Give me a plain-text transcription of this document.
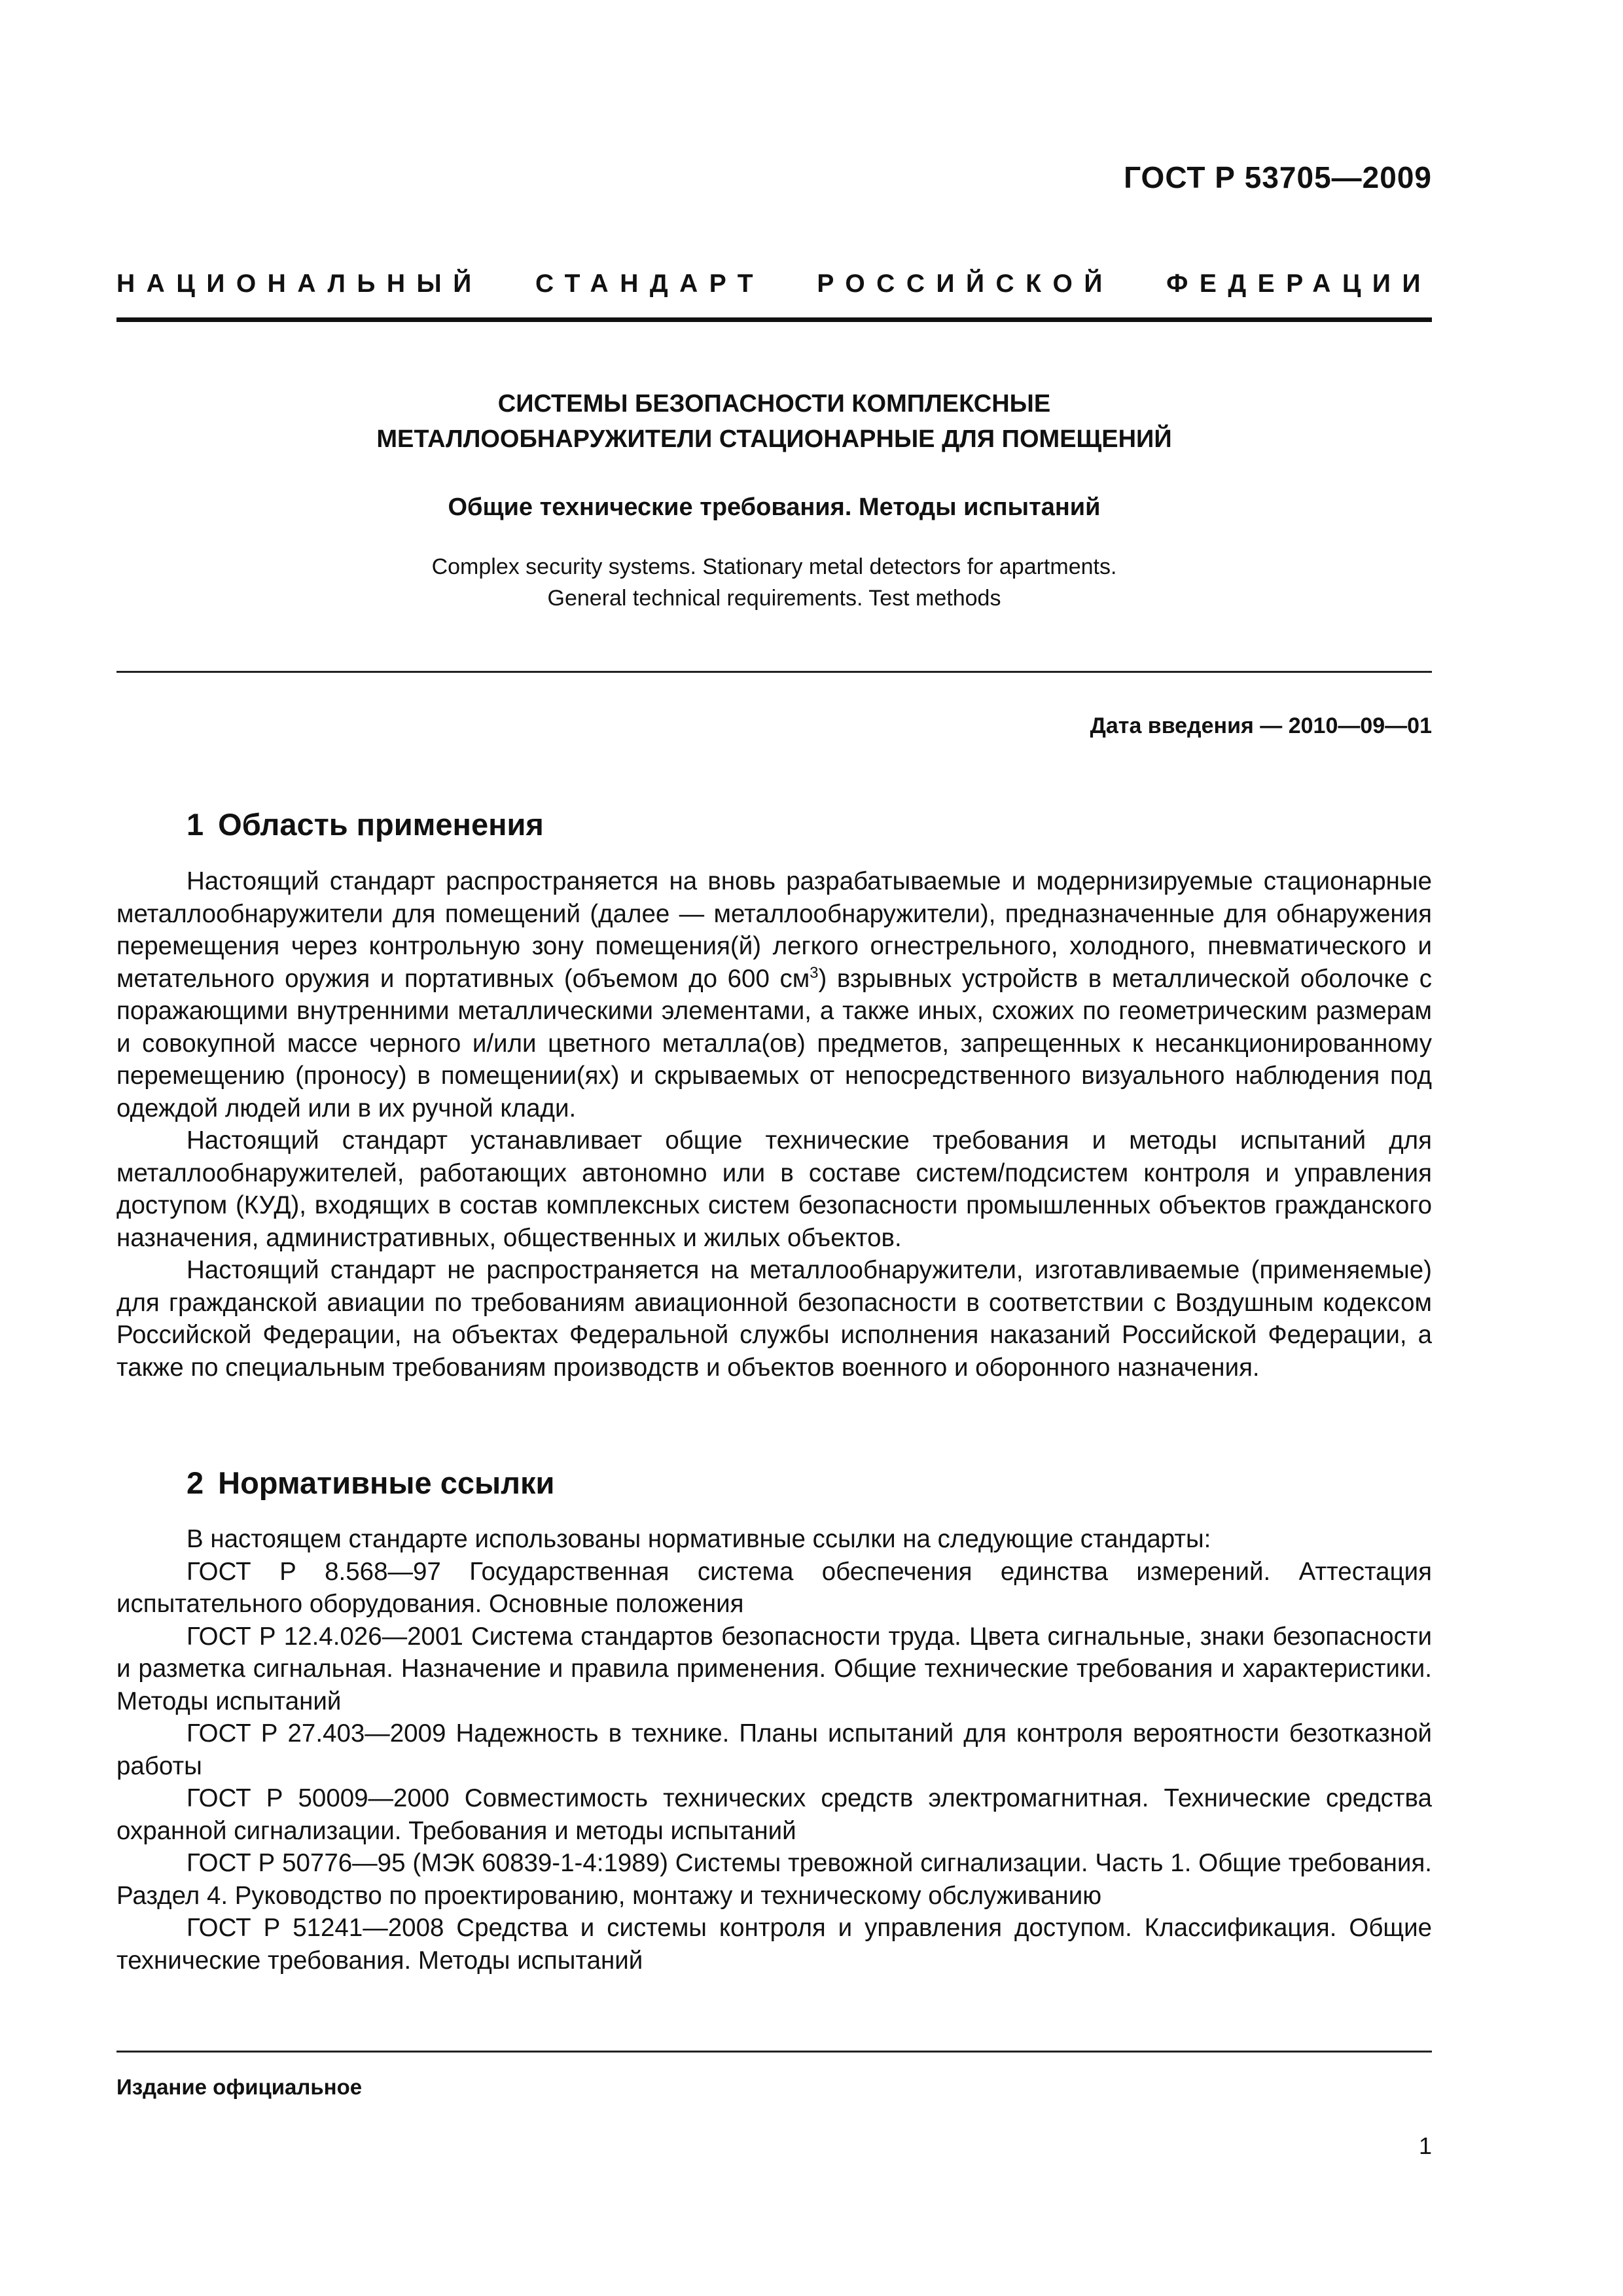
ГОСТ Р 53705—2009
НАЦИОНАЛЬНЫЙ СТАНДАРТ РОССИЙСКОЙ ФЕДЕРАЦИИ
СИСТЕМЫ БЕЗОПАСНОСТИ КОМПЛЕКСНЫЕ
МЕТАЛЛООБНАРУЖИТЕЛИ СТАЦИОНАРНЫЕ ДЛЯ ПОМЕЩЕНИЙ
Общие технические требования. Методы испытаний
Complex security systems. Stationary metal detectors for apartments.
General technical requirements. Test methods
Дата введения — 2010—09—01
1 Область применения

Настоящий стандарт распространяется на вновь разрабатываемые и модернизируемые стационарные металлообнаружители для помещений (далее — металлообнаружители), предназначенные для обнаружения перемещения через контрольную зону помещения(й) легкого огнестрельного, холодного, пневматического и метательного оружия и портативных (объемом до 600 $см^3$) взрывных устройств в металлической оболочке с поражающими внутренними металлическими элементами, а также иных, схожих по геометрическим размерам и совокупной массе черного и/или цветного металла(ов) предметов, запрещенных к несанкционированному перемещению (проносу) в помещении(ях) и скрываемых от непосредственного визуального наблюдения под одеждой людей или в их ручной клади.

Настоящий стандарт устанавливает общие технические требования и методы испытаний для металлообнаружителей, работающих автономно или в составе систем/подсистем контроля и управления доступом (КУД), входящих в состав комплексных систем безопасности промышленных объектов гражданского назначения, административных, общественных и жилых объектов.

Настоящий стандарт не распространяется на металлообнаружители, изготавливаемые (применяемые) для гражданской авиации по требованиям авиационной безопасности в соответствии с Воздушным кодексом Российской Федерации, на объектах Федеральной службы исполнения наказаний Российской Федерации, а также по специальным требованиям производств и объектов военного и оборонного назначения.

2 Нормативные ссылки

В настоящем стандарте использованы нормативные ссылки на следующие стандарты:

ГОСТ Р 8.568—97 Государственная система обеспечения единства измерений. Аттестация испытательного оборудования. Основные положения

ГОСТ Р 12.4.026—2001 Система стандартов безопасности труда. Цвета сигнальные, знаки безопасности и разметка сигнальная. Назначение и правила применения. Общие технические требования и характеристики. Методы испытаний

ГОСТ Р 27.403—2009 Надежность в технике. Планы испытаний для контроля вероятности безотказной работы

ГОСТ Р 50009—2000 Совместимость технических средств электромагнитная. Технические средства охранной сигнализации. Требования и методы испытаний

ГОСТ Р 50776—95 (МЭК 60839-1-4:1989) Системы тревожной сигнализации. Часть 1. Общие требования. Раздел 4. Руководство по проектированию, монтажу и техническому обслуживанию

ГОСТ Р 51241—2008 Средства и системы контроля и управления доступом. Классификация. Общие технические требования. Методы испытаний

Издание официальное
1
